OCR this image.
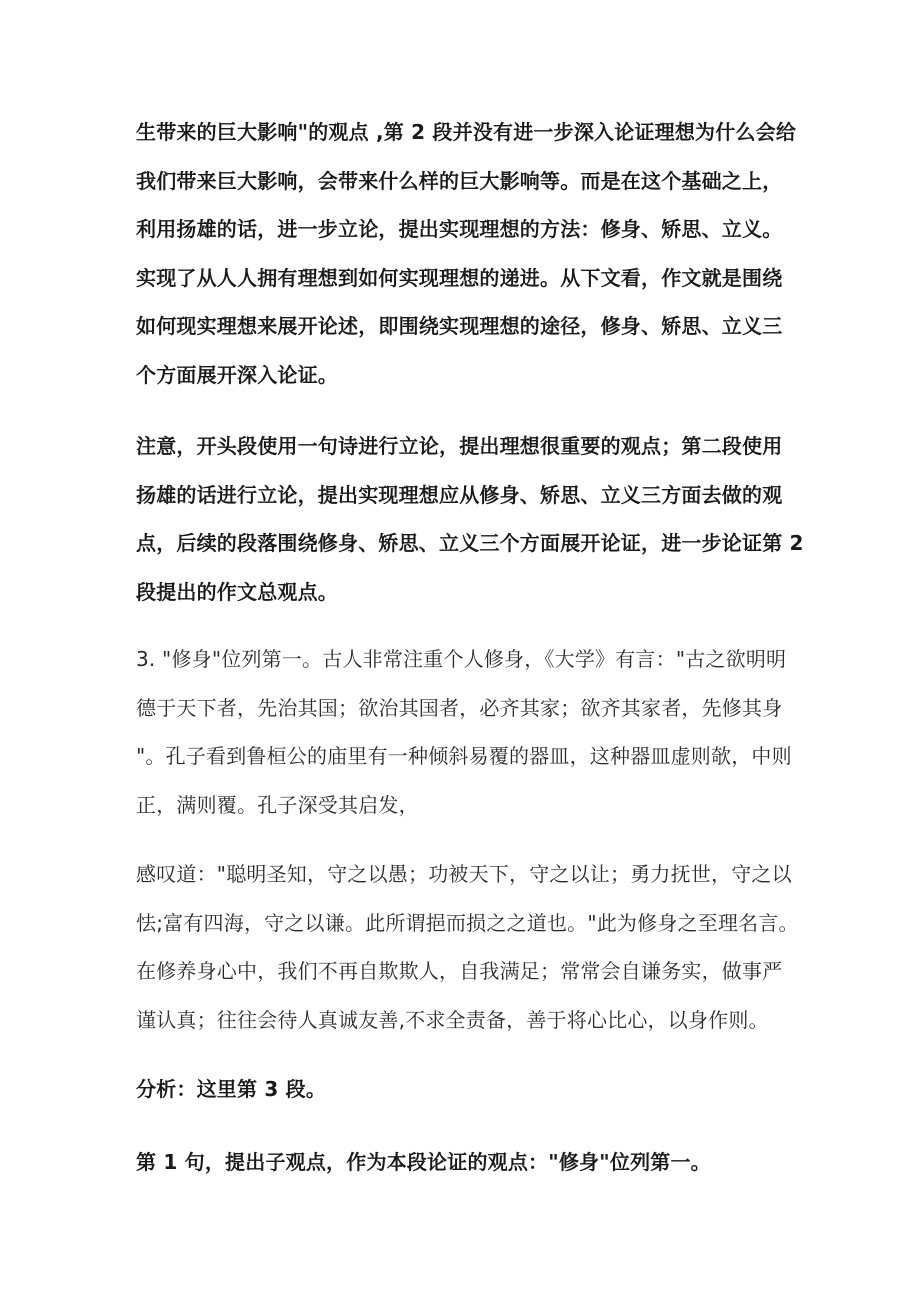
生带来的巨大影响"的观点 ,第 2 段并没有进一步深入论证理想为什么会给
我们带来巨大影响，会带来什么样的巨大影响等。而是在这个基础之上，
利用扬雄的话，进一步立论，提出实现理想的方法：修身、矫思、立义。
实现了从人人拥有理想到如何实现理想的递进。从下文看，作文就是围绕
如何现实理想来展开论述，即围绕实现理想的途径，修身、矫思、立义三
个方面展开深入论证。

注意，开头段使用一句诗进行立论，提出理想很重要的观点；第二段使用
扬雄的话进行立论，提出实现理想应从修身、矫思、立义三方面去做的观
点，后续的段落围绕修身、矫思、立义三个方面展开论证，进一步论证第 2
段提出的作文总观点。

3. "修身"位列第一。古人非常注重个人修身，《大学》有言："古之欲明明
德于天下者，先治其国；欲治其国者，必齐其家；欲齐其家者，先修其身
"。孔子看到鲁桓公的庙里有一种倾斜易覆的器皿，这种器皿虚则欹，中则
正，满则覆。孔子深受其启发，

感叹道："聪明圣知，守之以愚；功被天下，守之以让；勇力抚世，守之以
怯;富有四海，守之以谦。此所谓挹而损之之道也。"此为修身之至理名言。
在修养身心中，我们不再自欺欺人，自我满足；常常会自谦务实，做事严
谨认真；往往会待人真诚友善,不求全责备，善于将心比心，以身作则。

分析：这里第 3 段。

第 1 句，提出子观点，作为本段论证的观点："修身"位列第一。
